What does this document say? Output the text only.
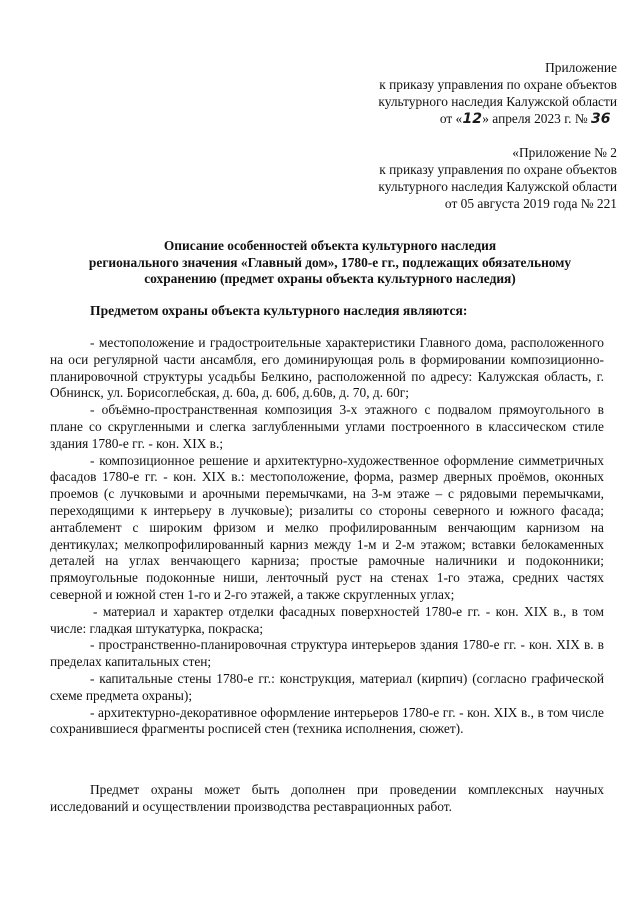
Приложение
к приказу управления по охране объектов
культурного наследия Калужской области
от «12» апреля 2023 г. № 36
«Приложение № 2
к приказу управления по охране объектов
культурного наследия Калужской области
от 05 августа 2019 года № 221
Описание особенностей объекта культурного наследия
регионального значения «Главный дом», 1780-е гг., подлежащих обязательному
сохранению (предмет охраны объекта культурного наследия)
Предметом охраны объекта культурного наследия являются:

- местоположение и градостроительные характеристики Главного дома, расположенного на оси регулярной части ансамбля, его доминирующая роль в формировании композиционно-планировочной структуры усадьбы Белкино, расположенной по адресу: Калужская область, г. Обнинск, ул. Борисоглебская, д. 60а, д. 60б, д.60в, д. 70, д. 60г;

- объёмно-пространственная композиция 3-х этажного с подвалом прямоугольного в плане со скругленными и слегка заглубленными углами построенного в классическом стиле здания 1780-е гг. - кон. XIX в.;

- композиционное решение и архитектурно-художественное оформление симметричных фасадов 1780-е гг. - кон. XIX в.: местоположение, форма, размер дверных проёмов, оконных проемов (с лучковыми и арочными перемычками, на 3-м этаже – с рядовыми перемычками, переходящими к интерьеру в лучковые); ризалиты со стороны северного и южного фасада; антаблемент с широким фризом и мелко профилированным венчающим карнизом на дентикулах; мелкопрофилированный карниз между 1-м и 2-м этажом; вставки белокаменных деталей на углах венчающего карниза; простые рамочные наличники и подоконники; прямоугольные подоконные ниши, ленточный руст на стенах 1-го этажа, средних частях северной и южной стен 1-го и 2-го этажей, а также скругленных углах;

- материал и характер отделки фасадных поверхностей 1780-е гг. - кон. XIX в., в том числе: гладкая штукатурка, покраска;

- пространственно-планировочная структура интерьеров здания 1780-е гг. - кон. XIX в. в пределах капитальных стен;

- капитальные стены 1780-е гг.: конструкция, материал (кирпич) (согласно графической схеме предмета охраны);

- архитектурно-декоративное оформление интерьеров 1780-е гг. - кон. XIX в., в том числе сохранившиеся фрагменты росписей стен (техника исполнения, сюжет).

Предмет охраны может быть дополнен при проведении комплексных научных исследований и осуществлении производства реставрационных работ.
